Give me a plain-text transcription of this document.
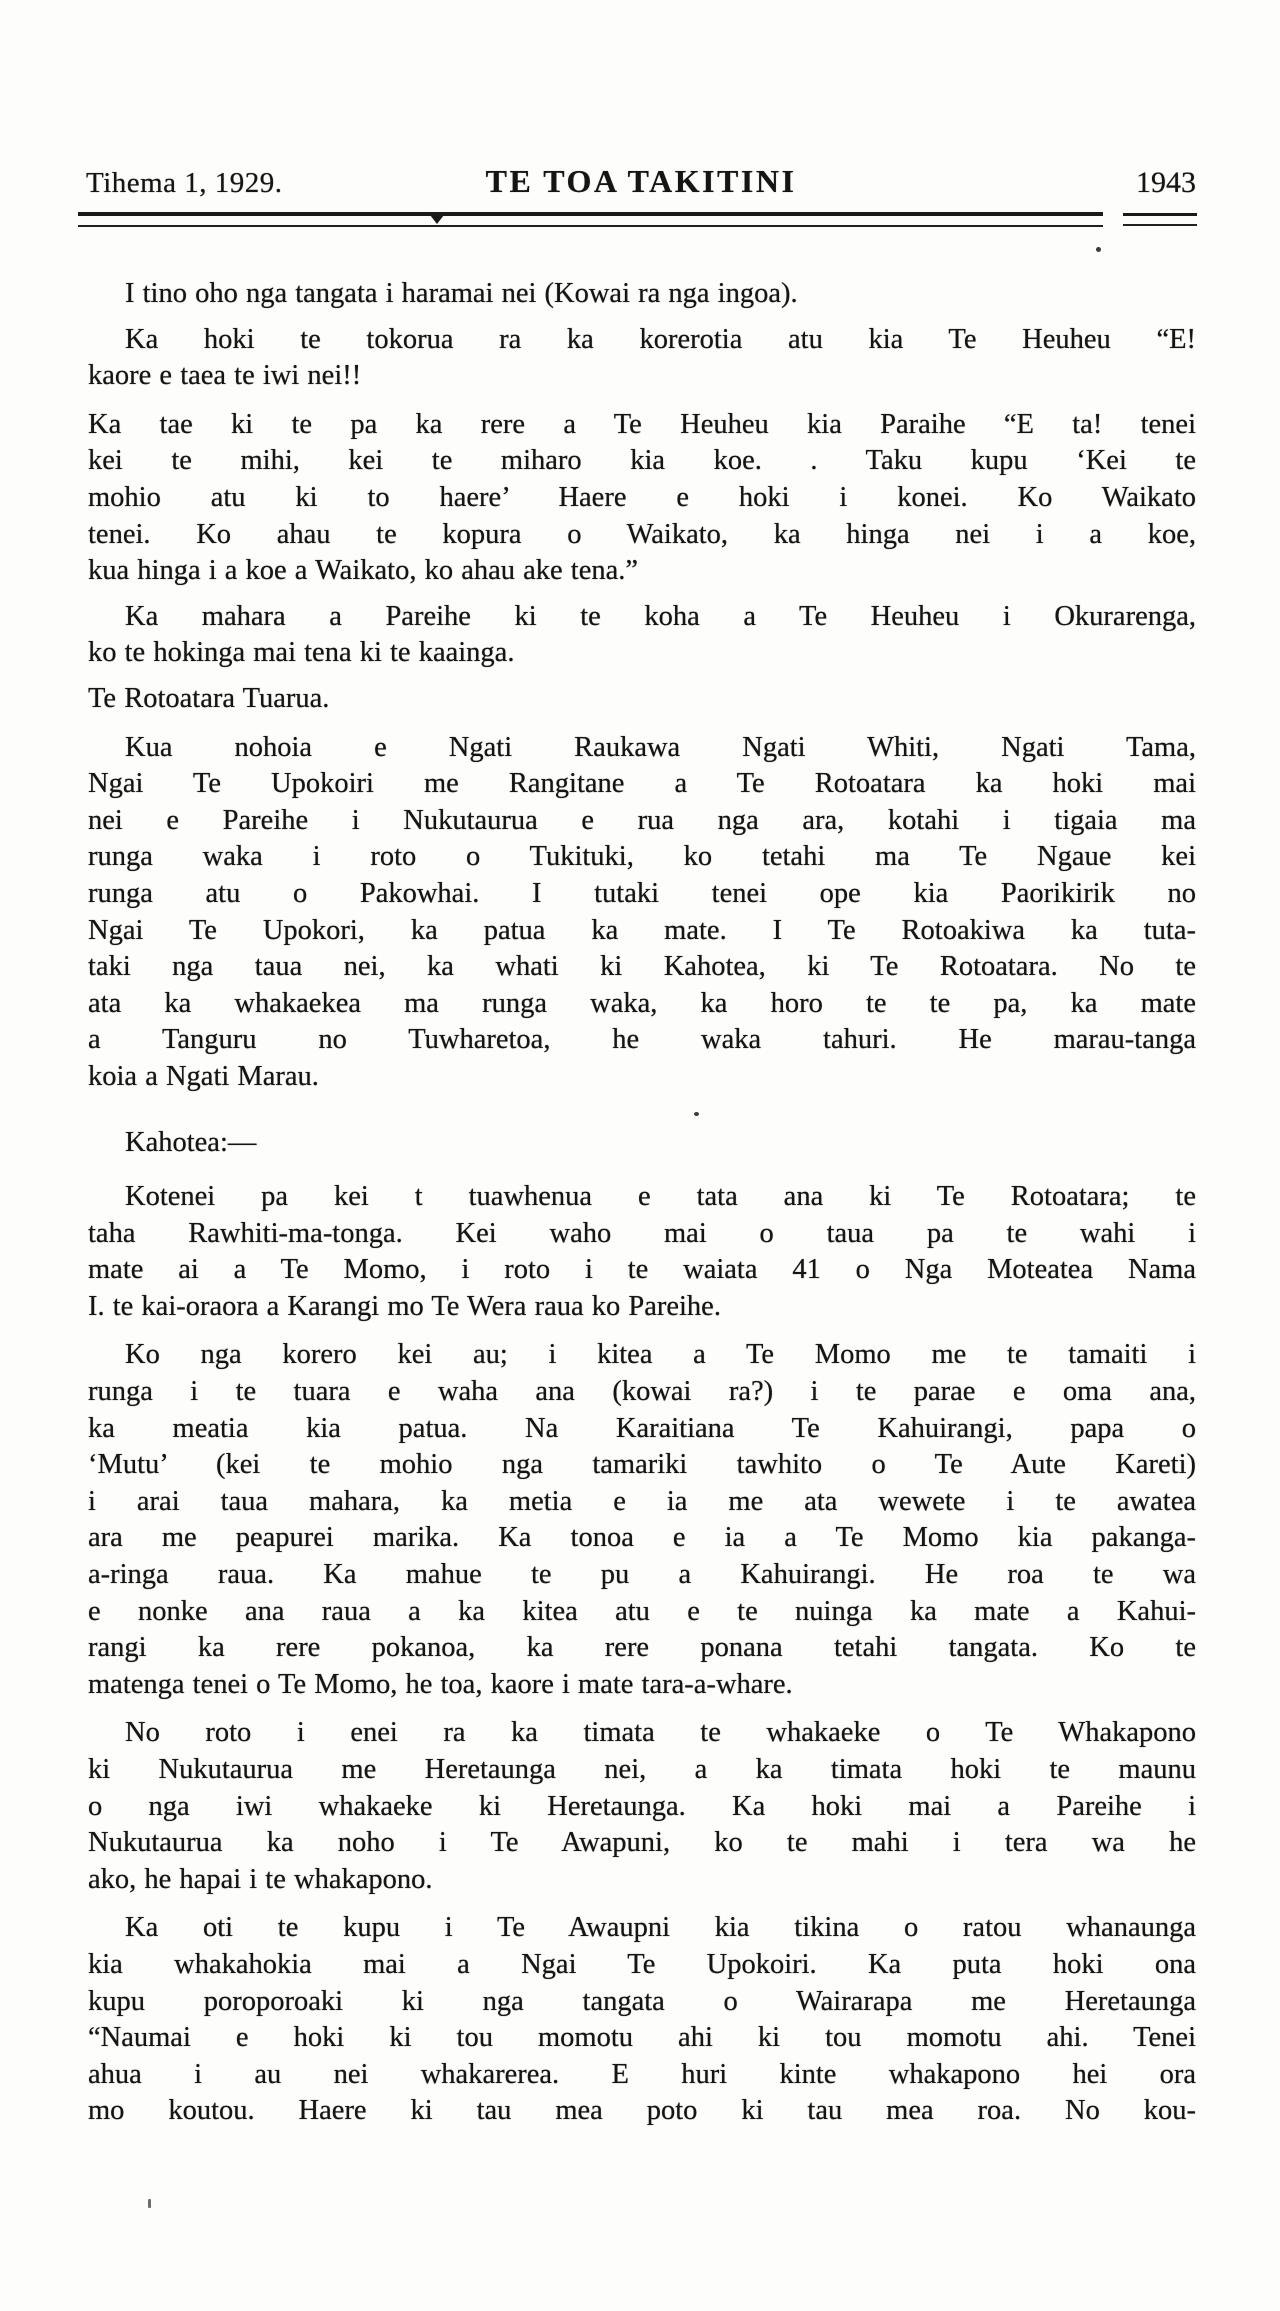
Tihema 1, 1929.	TE TOA TAKITINI	1943
I tino oho nga tangata i haramai nei (Kowai ra nga ingoa).
Ka hoki te tokorua ra ka korerotia atu kia Te Heuheu “E!
kaore e taea te iwi nei!!
Ka tae ki te pa ka rere a Te Heuheu kia Paraihe “E ta! tenei
kei te mihi, kei te miharo kia koe. . Taku kupu ‘Kei te
mohio atu ki to haere’ Haere e hoki i konei. Ko Waikato
tenei. Ko ahau te kopura o Waikato, ka hinga nei i a koe,
kua hinga i a koe a Waikato, ko ahau ake tena.”
Ka mahara a Pareihe ki te koha a Te Heuheu i Okurarenga,
ko te hokinga mai tena ki te kaainga.
Te Rotoatara Tuarua.
Kua nohoia e Ngati Raukawa Ngati Whiti, Ngati Tama,
Ngai Te Upokoiri me Rangitane a Te Rotoatara ka hoki mai
nei e Pareihe i Nukutaurua e rua nga ara, kotahi i tigaia ma
runga waka i roto o Tukituki, ko tetahi ma Te Ngaue kei
runga atu o Pakowhai. I tutaki tenei ope kia Paorikirik no
Ngai Te Upokori, ka patua ka mate. I Te Rotoakiwa ka tuta-
taki nga taua nei, ka whati ki Kahotea, ki Te Rotoatara. No te
ata ka whakaekea ma runga waka, ka horo te te pa, ka mate
a Tanguru no Tuwharetoa, he waka tahuri. He marau-tanga
koia a Ngati Marau.
Kahotea:—
Kotenei pa kei t tuawhenua e tata ana ki Te Rotoatara; te
taha Rawhiti-ma-tonga. Kei waho mai o taua pa te wahi i
mate ai a Te Momo, i roto i te waiata 41 o Nga Moteatea Nama
I. te kai-oraora a Karangi mo Te Wera raua ko Pareihe.
Ko nga korero kei au; i kitea a Te Momo me te tamaiti i
runga i te tuara e waha ana (kowai ra?) i te parae e oma ana,
ka meatia kia patua. Na Karaitiana Te Kahuirangi, papa o
‘Mutu’ (kei te mohio nga tamariki tawhito o Te Aute Kareti)
i arai taua mahara, ka metia e ia me ata wewete i te awatea
ara me peapurei marika. Ka tonoa e ia a Te Momo kia pakanga-
a-ringa raua. Ka mahue te pu a Kahuirangi. He roa te wa
e nonke ana raua a ka kitea atu e te nuinga ka mate a Kahui-
rangi ka rere pokanoa, ka rere ponana tetahi tangata. Ko te
matenga tenei o Te Momo, he toa, kaore i mate tara-a-whare.
No roto i enei ra ka timata te whakaeke o Te Whakapono
ki Nukutaurua me Heretaunga nei, a ka timata hoki te maunu
o nga iwi whakaeke ki Heretaunga. Ka hoki mai a Pareihe i
Nukutaurua ka noho i Te Awapuni, ko te mahi i tera wa he
ako, he hapai i te whakapono.
Ka oti te kupu i Te Awaupni kia tikina o ratou whanaunga
kia whakahokia mai a Ngai Te Upokoiri. Ka puta hoki ona
kupu poroporoaki ki nga tangata o Wairarapa me Heretaunga
“Naumai e hoki ki tou momotu ahi ki tou momotu ahi. Tenei
ahua i au nei whakarerea. E huri kinte whakapono hei ora
mo koutou. Haere ki tau mea poto ki tau mea roa. No kou-
